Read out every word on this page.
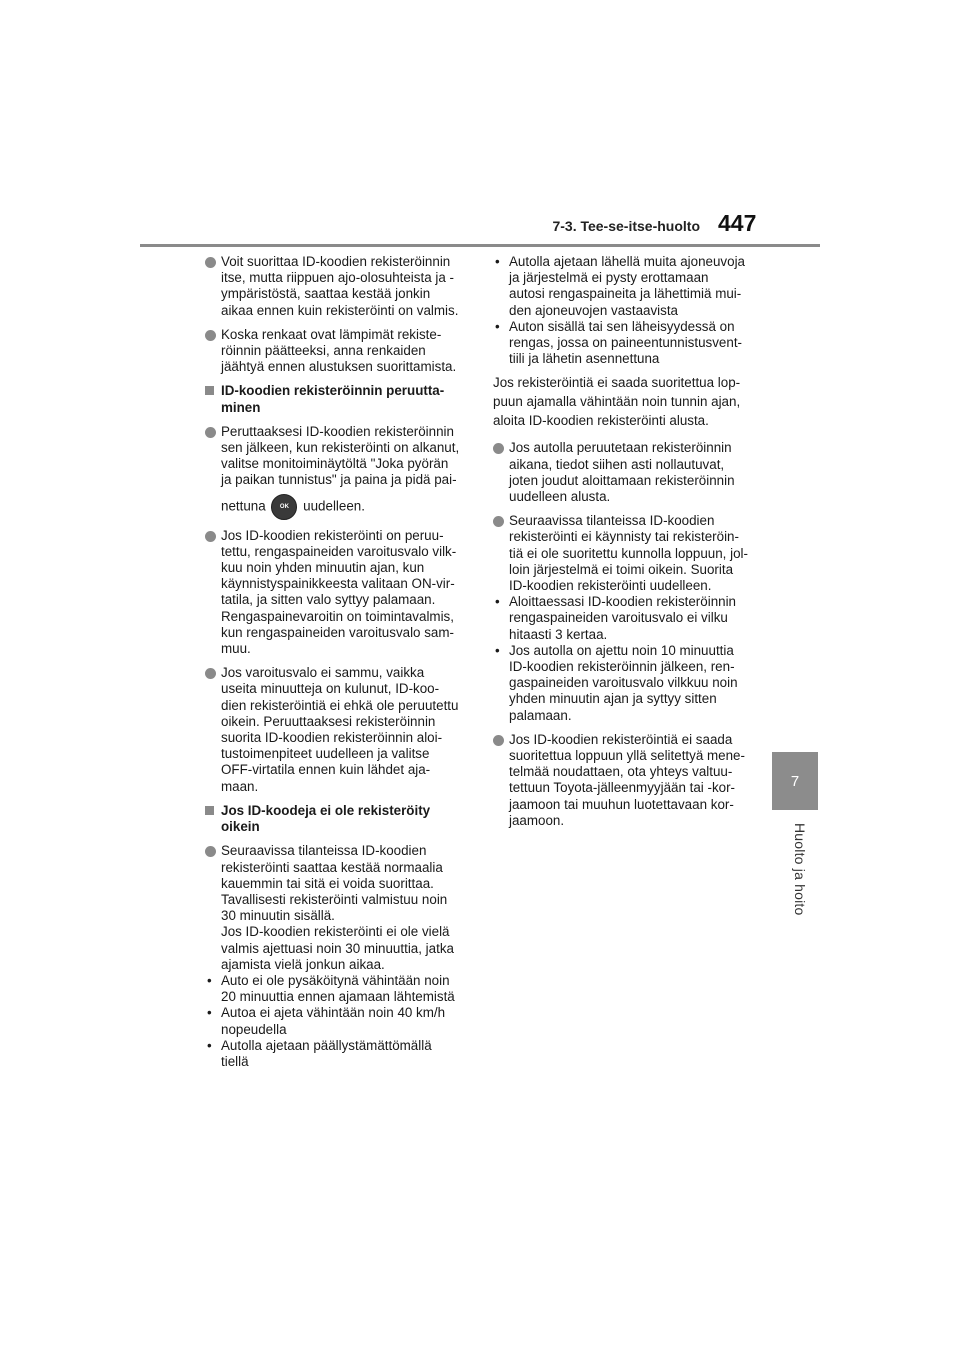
7-3. Tee-se-itse-huolto 447
7
Huolto ja hoito
Voit suorittaa ID-koodien rekisteröinnin
itse, mutta riippuen ajo-olosuhteista ja -
ympäristöstä, saattaa kestää jonkin
aikaa ennen kuin rekisteröinti on valmis.
Koska renkaat ovat lämpimät rekiste-
röinnin päätteeksi, anna renkaiden
jäähtyä ennen alustuksen suorittamista.
ID-koodien rekisteröinnin peruutta-
minen
Peruttaaksesi ID-koodien rekisteröinnin
sen jälkeen, kun rekisteröinti on alkanut,
valitse monitoiminäytöltä "Joka pyörän
ja paikan tunnistus" ja paina ja pidä pai-
nettuna OK uudelleen.
Jos ID-koodien rekisteröinti on peruu-
tettu, rengaspaineiden varoitusvalo vilk-
kuu noin yhden minuutin ajan, kun
käynnistyspainikkeesta valitaan ON-vir-
tatila, ja sitten valo syttyy palamaan.
Rengaspainevaroitin on toimintavalmis,
kun rengaspaineiden varoitusvalo sam-
muu.
Jos varoitusvalo ei sammu, vaikka
useita minuutteja on kulunut, ID-koo-
dien rekisteröintiä ei ehkä ole peruutettu
oikein. Peruuttaaksesi rekisteröinnin
suorita ID-koodien rekisteröinnin aloi-
tustoimenpiteet uudelleen ja valitse
OFF-virtatila ennen kuin lähdet aja-
maan.
Jos ID-koodeja ei ole rekisteröity
oikein
Seuraavissa tilanteissa ID-koodien
rekisteröinti saattaa kestää normaalia
kauemmin tai sitä ei voida suorittaa.
Tavallisesti rekisteröinti valmistuu noin
30 minuutin sisällä.
Jos ID-koodien rekisteröinti ei ole vielä
valmis ajettuasi noin 30 minuuttia, jatka
ajamista vielä jonkun aikaa.
• Auto ei ole pysäköitynä vähintään noin
20 minuuttia ennen ajamaan lähtemistä
• Autoa ei ajeta vähintään noin 40 km/h
nopeudella
• Autolla ajetaan päällystämättömällä
tiellä
• Autolla ajetaan lähellä muita ajoneuvoja
ja järjestelmä ei pysty erottamaan
autosi rengaspaineita ja lähettimiä mui-
den ajoneuvojen vastaavista
• Auton sisällä tai sen läheisyydessä on
rengas, jossa on paineentunnistusvent-
tiili ja lähetin asennettuna
Jos rekisteröintiä ei saada suoritettua lop-
puun ajamalla vähintään noin tunnin ajan,
aloita ID-koodien rekisteröinti alusta.
Jos autolla peruutetaan rekisteröinnin
aikana, tiedot siihen asti nollautuvat,
joten joudut aloittamaan rekisteröinnin
uudelleen alusta.
Seuraavissa tilanteissa ID-koodien
rekisteröinti ei käynnisty tai rekisteröin-
tiä ei ole suoritettu kunnolla loppuun, jol-
loin järjestelmä ei toimi oikein. Suorita
ID-koodien rekisteröinti uudelleen.
• Aloittaessasi ID-koodien rekisteröinnin
rengaspaineiden varoitusvalo ei vilku
hitaasti 3 kertaa.
• Jos autolla on ajettu noin 10 minuuttia
ID-koodien rekisteröinnin jälkeen, ren-
gaspaineiden varoitusvalo vilkkuu noin
yhden minuutin ajan ja syttyy sitten
palamaan.
Jos ID-koodien rekisteröintiä ei saada
suoritettua loppuun yllä selitettyä mene-
telmää noudattaen, ota yhteys valtuu-
tettuun Toyota-jälleenmyyjään tai -kor-
jaamoon tai muuhun luotettavaan kor-
jaamoon.
